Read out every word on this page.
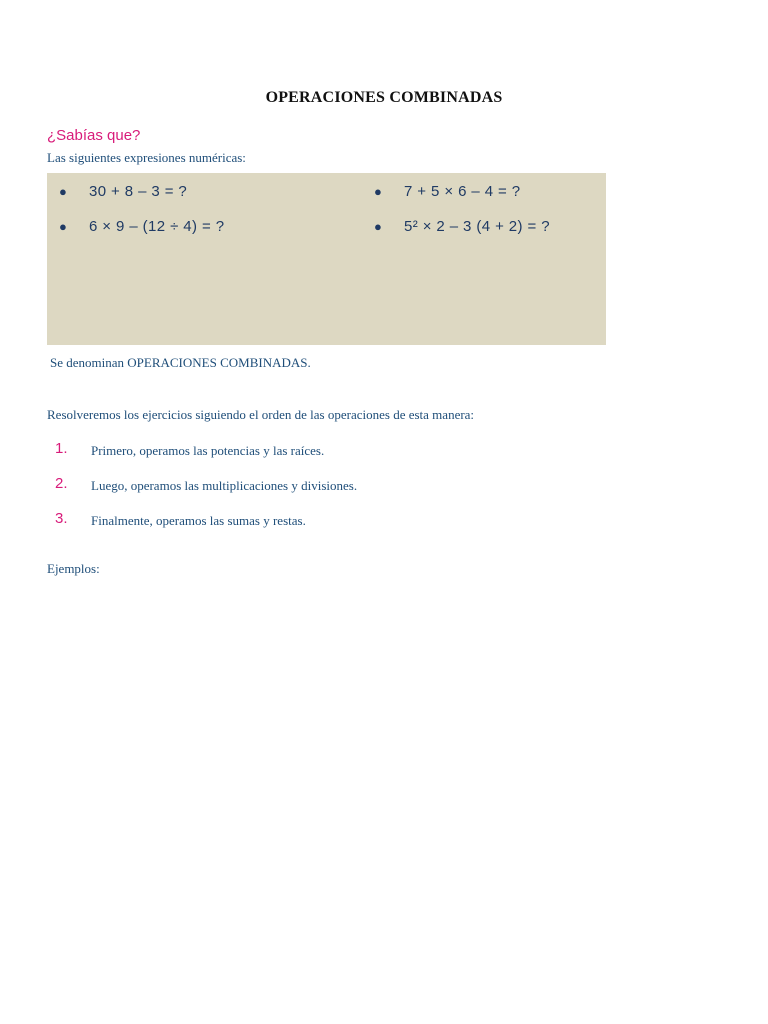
OPERACIONES COMBINADAS
¿Sabías que?
Las siguientes expresiones numéricas:
● 30 + 8 – 3 = ?	● 7 + 5 × 6 – 4 = ?
● 6 × 9 – (12 ÷ 4) = ?	● 5² × 2 – 3 (4 + 2) = ?
Se denominan OPERACIONES COMBINADAS.
Resolveremos los ejercicios siguiendo el orden de las operaciones de esta manera:
1. Primero, operamos las potencias y las raíces.
2. Luego, operamos las multiplicaciones y divisiones.
3. Finalmente, operamos las sumas y restas.
Ejemplos:
